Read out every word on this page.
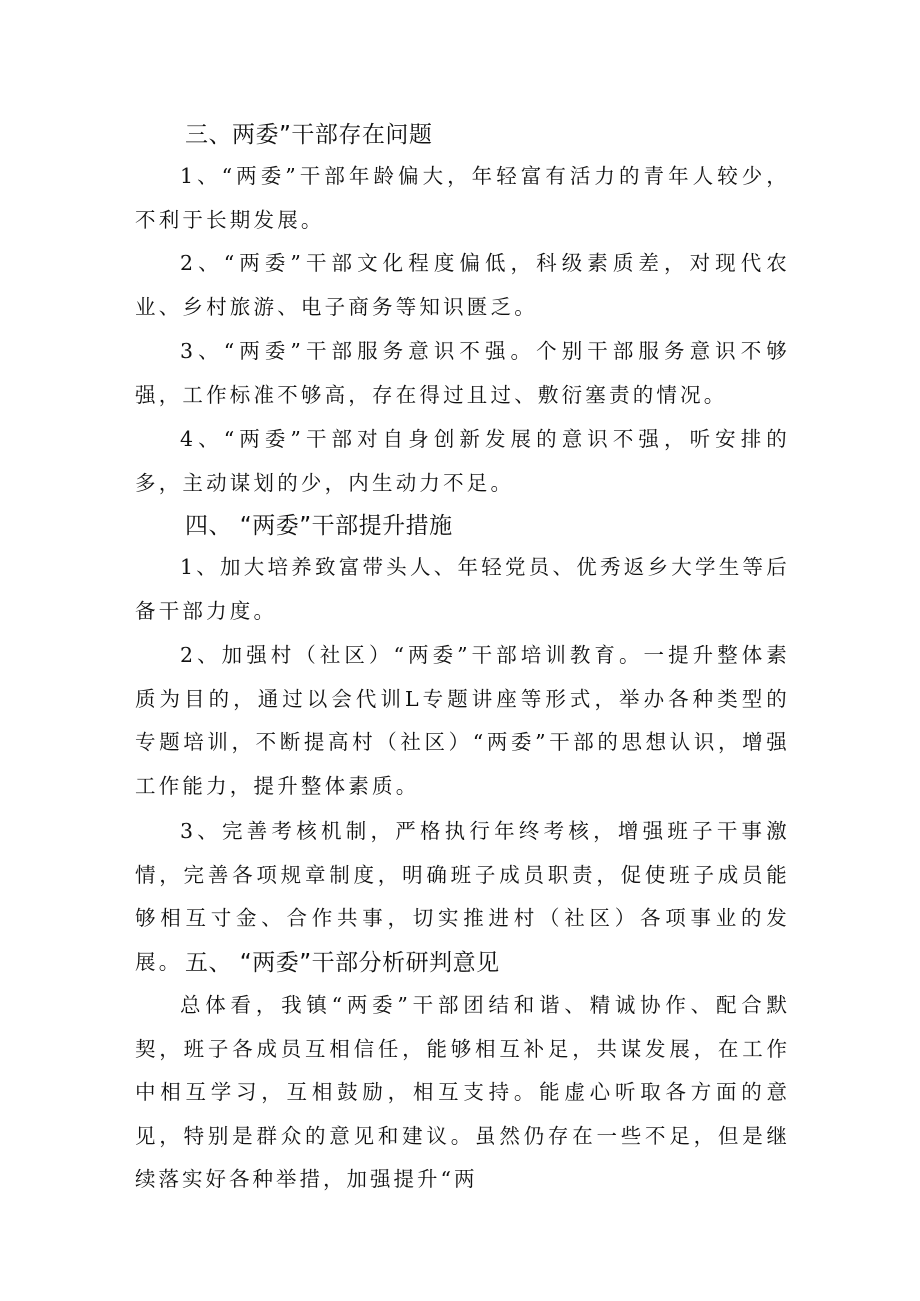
三、两委”干部存在问题

1、“两委”干部年龄偏大，年轻富有活力的青年人较少，不利于长期发展。

2、“两委”干部文化程度偏低，科级素质差，对现代农业、乡村旅游、电子商务等知识匮乏。

3、“两委”干部服务意识不强。个别干部服务意识不够强，工作标准不够高，存在得过且过、敷衍塞责的情况。

4、“两委”干部对自身创新发展的意识不强，听安排的多，主动谋划的少，内生动力不足。

四、 “两委”干部提升措施

1、加大培养致富带头人、年轻党员、优秀返乡大学生等后备干部力度。

2、加强村（社区）“两委”干部培训教育。一提升整体素质为目的，通过以会代训L专题讲座等形式，举办各种类型的专题培训，不断提高村（社区）“两委”干部的思想认识，增强工作能力，提升整体素质。

3、完善考核机制，严格执行年终考核，增强班子干事激情，完善各项规章制度，明确班子成员职责，促使班子成员能够相互寸金、合作共事，切实推进村（社区）各项事业的发展。 五、 “两委”干部分析研判意见

总体看，我镇“两委”干部团结和谐、精诚协作、配合默契，班子各成员互相信任，能够相互补足，共谋发展，在工作中相互学习，互相鼓励，相互支持。能虚心听取各方面的意见，特别是群众的意见和建议。虽然仍存在一些不足，但是继续落实好各种举措，加强提升“两
